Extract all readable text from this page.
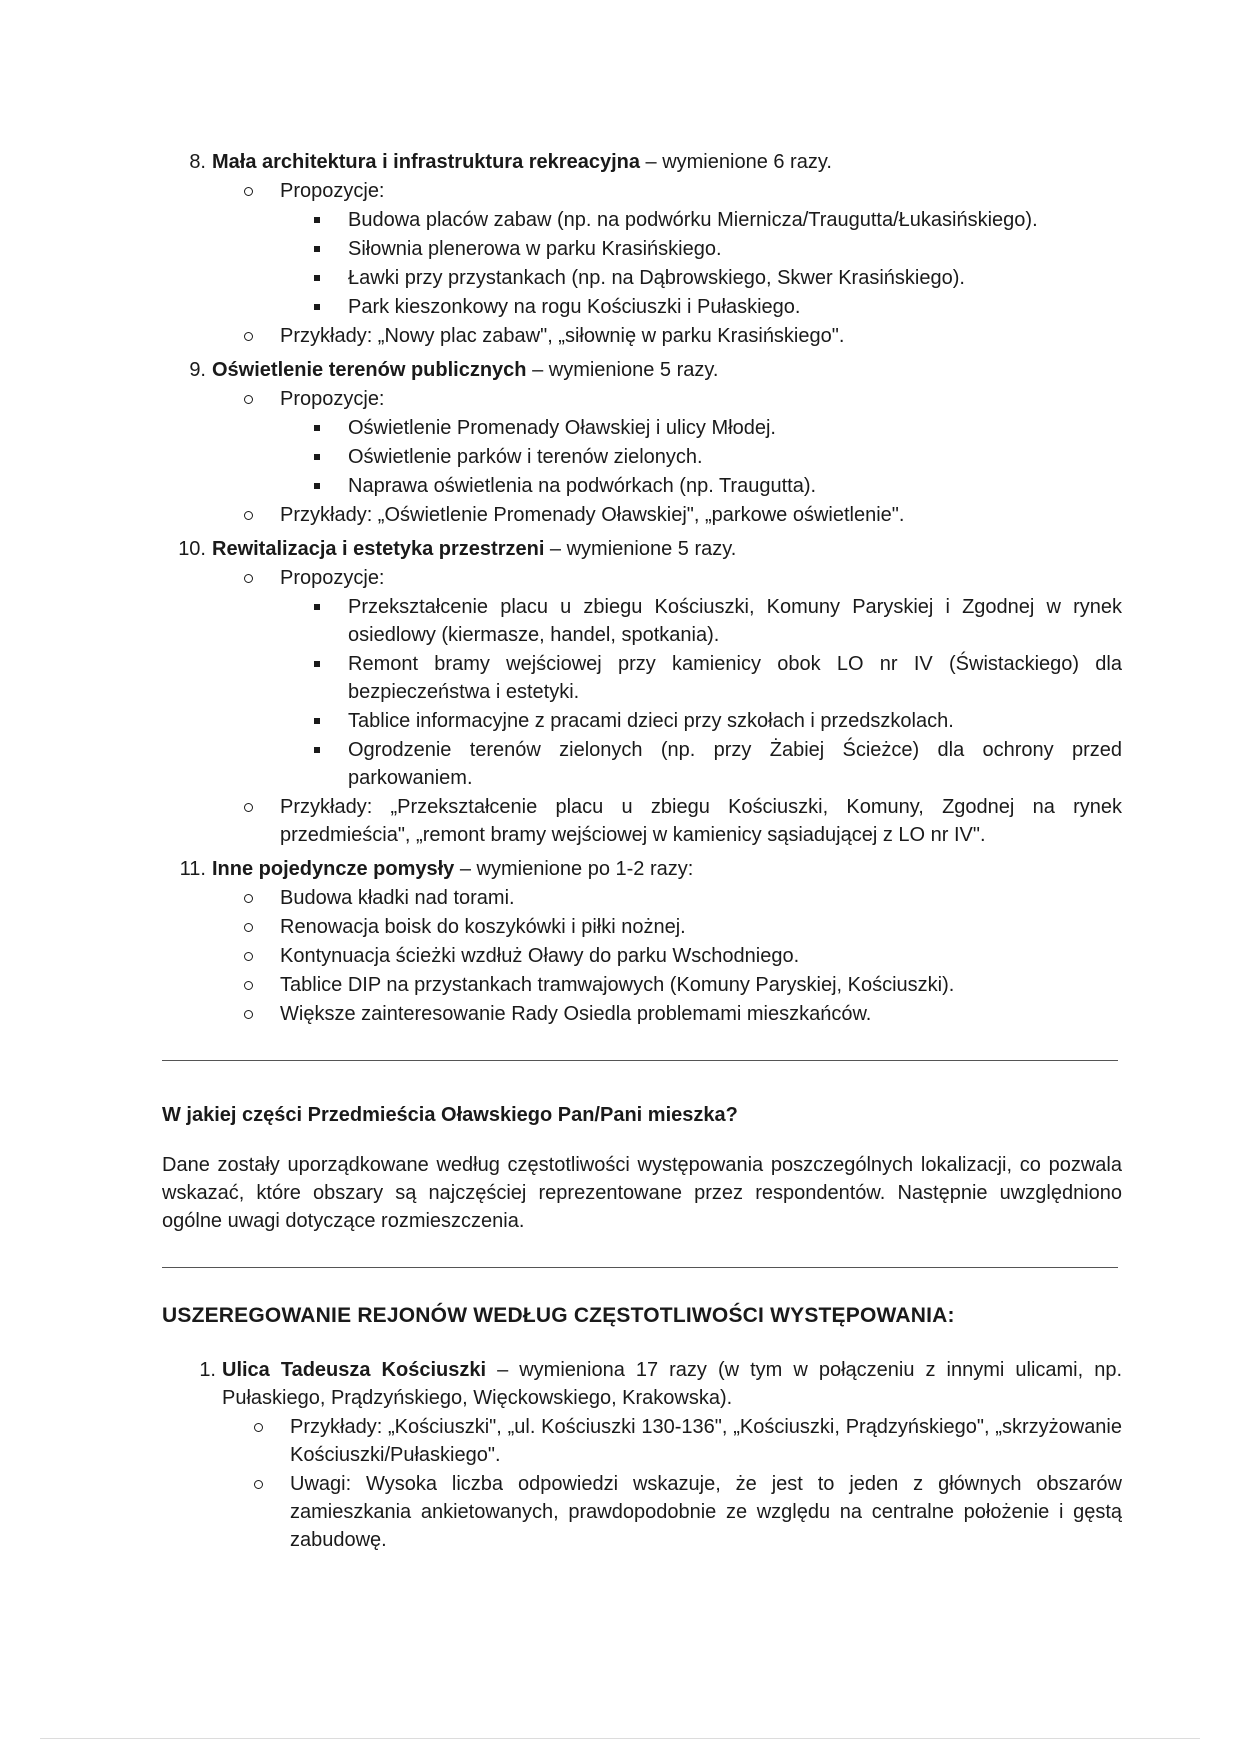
8. Mała architektura i infrastruktura rekreacyjna – wymienione 6 razy.
Propozycje:
Budowa placów zabaw (np. na podwórku Miernicza/Traugutta/Łukasińskiego).
Siłownia plenerowa w parku Krasińskiego.
Ławki przy przystankach (np. na Dąbrowskiego, Skwer Krasińskiego).
Park kieszonkowy na rogu Kościuszki i Pułaskiego.
Przykłady: „Nowy plac zabaw", „siłownię w parku Krasińskiego".
9. Oświetlenie terenów publicznych – wymienione 5 razy.
Propozycje:
Oświetlenie Promenady Oławskiej i ulicy Młodej.
Oświetlenie parków i terenów zielonych.
Naprawa oświetlenia na podwórkach (np. Traugutta).
Przykłady: „Oświetlenie Promenady Oławskiej", „parkowe oświetlenie".
10. Rewitalizacja i estetyka przestrzeni – wymienione 5 razy.
Propozycje:
Przekształcenie placu u zbiegu Kościuszki, Komuny Paryskiej i Zgodnej w rynek osiedlowy (kiermasze, handel, spotkania).
Remont bramy wejściowej przy kamienicy obok LO nr IV (Świstackiego) dla bezpieczeństwa i estetyki.
Tablice informacyjne z pracami dzieci przy szkołach i przedszkolach.
Ogrodzenie terenów zielonych (np. przy Żabiej Ścieżce) dla ochrony przed parkowaniem.
Przykłady: „Przekształcenie placu u zbiegu Kościuszki, Komuny, Zgodnej na rynek przedmieścia", „remont bramy wejściowej w kamienicy sąsiadującej z LO nr IV".
11. Inne pojedyncze pomysły – wymienione po 1-2 razy:
Budowa kładki nad torami.
Renowacja boisk do koszykówki i piłki nożnej.
Kontynuacja ścieżki wzdłuż Oławy do parku Wschodniego.
Tablice DIP na przystankach tramwajowych (Komuny Paryskiej, Kościuszki).
Większe zainteresowanie Rady Osiedla problemami mieszkańców.
W jakiej części Przedmieścia Oławskiego Pan/Pani mieszka?

Dane zostały uporządkowane według częstotliwości występowania poszczególnych lokalizacji, co pozwala wskazać, które obszary są najczęściej reprezentowane przez respondentów. Następnie uwzględniono ogólne uwagi dotyczące rozmieszczenia.

USZEREGOWANIE REJONÓW WEDŁUG CZĘSTOTLIWOŚCI WYSTĘPOWANIA:
1. Ulica Tadeusza Kościuszki – wymieniona 17 razy (w tym w połączeniu z innymi ulicami, np. Pułaskiego, Prądzyńskiego, Więckowskiego, Krakowska).
Przykłady: „Kościuszki", „ul. Kościuszki 130-136", „Kościuszki, Prądzyńskiego", „skrzyżowanie Kościuszki/Pułaskiego".
Uwagi: Wysoka liczba odpowiedzi wskazuje, że jest to jeden z głównych obszarów zamieszkania ankietowanych, prawdopodobnie ze względu na centralne położenie i gęstą zabudowę.
